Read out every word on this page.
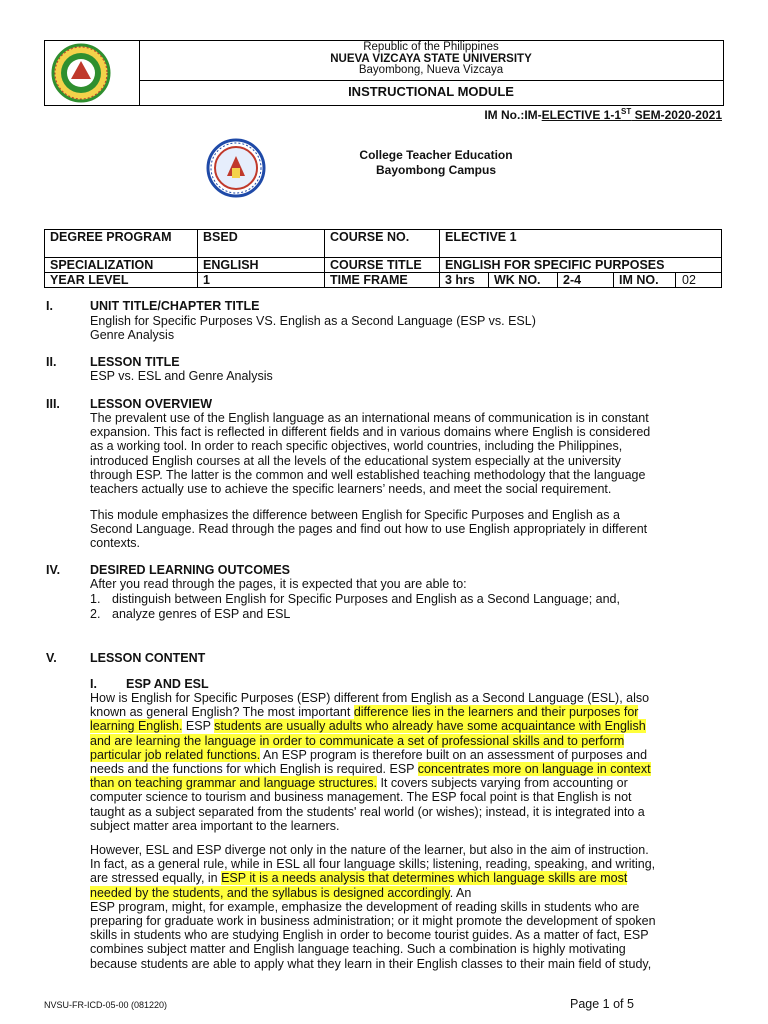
Republic of the Philippines
NUEVA VIZCAYA STATE UNIVERSITY
Bayombong, Nueva Vizcaya
INSTRUCTIONAL MODULE
IM No.:IM-ELECTIVE 1-1ST SEM-2020-2021
College Teacher Education
Bayombong Campus
DEGREE PROGRAM	BSED	COURSE NO.	ELECTIVE 1			
SPECIALIZATION	ENGLISH	COURSE TITLE	ENGLISH FOR SPECIFIC PURPOSES			
YEAR LEVEL	1	TIME FRAME	3 hrs	WK NO.	2-4	IM NO. 02
I.	UNIT TITLE/CHAPTER TITLE
English for Specific Purposes VS. English as a Second Language (ESP vs. ESL)
Genre Analysis
II.	LESSON TITLE
ESP vs. ESL and Genre Analysis
III. LESSON OVERVIEW
The prevalent use of the English language as an international means of communication is in constant
expansion. This fact is reflected in different fields and in various domains where English is considered
as a working tool. In order to reach specific objectives, world countries, including the Philippines,
introduced English courses at all the levels of the educational system especially at the university
through ESP. The latter is the common and well established teaching methodology that the language
teachers actually use to achieve the specific learners’ needs, and meet the social requirement.
This module emphasizes the difference between English for Specific Purposes and English as a
Second Language. Read through the pages and find out how to use English appropriately in different
contexts.
IV. DESIRED LEARNING OUTCOMES
After you read through the pages, it is expected that you are able to:
1. distinguish between English for Specific Purposes and English as a Second Language; and,
2. analyze genres of ESP and ESL
V.	LESSON CONTENT
I. ESP AND ESL
How is English for Specific Purposes (ESP) different from English as a Second Language (ESL), also
known as general English? The most important difference lies in the learners and their purposes for
learning English. ESP students are usually adults who already have some acquaintance with English
and are learning the language in order to communicate a set of professional skills and to perform
particular job related functions. An ESP program is therefore built on an assessment of purposes and
needs and the functions for which English is required. ESP concentrates more on language in context
than on teaching grammar and language structures. It covers subjects varying from accounting or
computer science to tourism and business management. The ESP focal point is that English is not
taught as a subject separated from the students' real world (or wishes); instead, it is integrated into a
subject matter area important to the learners.
However, ESL and ESP diverge not only in the nature of the learner, but also in the aim of instruction.
In fact, as a general rule, while in ESL all four language skills; listening, reading, speaking, and writing,
are stressed equally, in ESP it is a needs analysis that determines which language skills are most
needed by the students, and the syllabus is designed accordingly. An
ESP program, might, for example, emphasize the development of reading skills in students who are
preparing for graduate work in business administration; or it might promote the development of spoken
skills in students who are studying English in order to become tourist guides. As a matter of fact, ESP
combines subject matter and English language teaching. Such a combination is highly motivating
because students are able to apply what they learn in their English classes to their main field of study,
NVSU-FR-ICD-05-00 (081220)	Page 1 of 5
